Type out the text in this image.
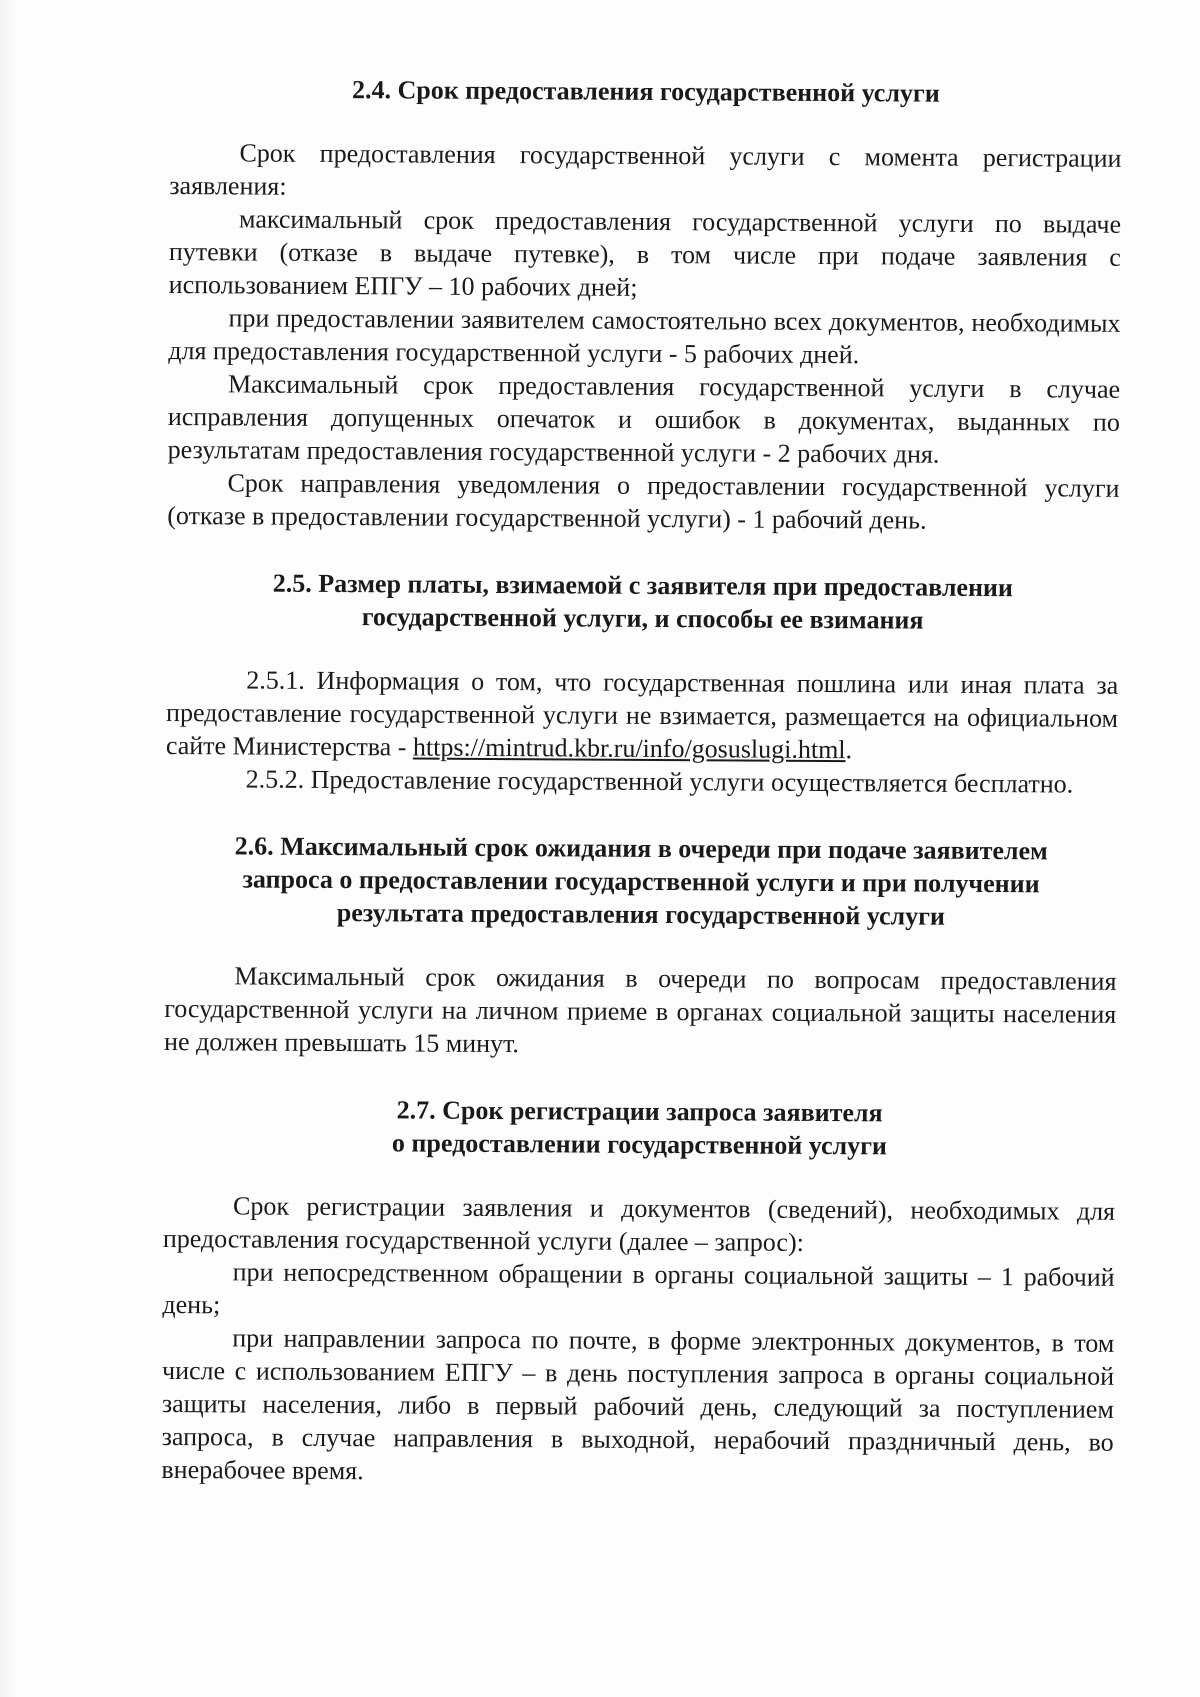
2.4. Срок предоставления государственной услуги

Срок предоставления государственной услуги с момента регистрации заявления:

максимальный срок предоставления государственной услуги по выдаче путевки (отказе в выдаче путевке), в том числе при подаче заявления с использованием ЕПГУ – 10 рабочих дней;

при предоставлении заявителем самостоятельно всех документов, необходимых для предоставления государственной услуги - 5 рабочих дней.

Максимальный срок предоставления государственной услуги в случае исправления допущенных опечаток и ошибок в документах, выданных по результатам предоставления государственной услуги - 2 рабочих дня.

Срок направления уведомления о предоставлении государственной услуги (отказе в предоставлении государственной услуги) - 1 рабочий день.

2.5. Размер платы, взимаемой с заявителя при предоставлении
государственной услуги, и способы ее взимания

2.5.1. Информация о том, что государственная пошлина или иная плата за предоставление государственной услуги не взимается, размещается на официальном сайте Министерства - https://mintrud.kbr.ru/info/gosuslugi.html.

2.5.2. Предоставление государственной услуги осуществляется бесплатно.

2.6. Максимальный срок ожидания в очереди при подаче заявителем
запроса о предоставлении государственной услуги и при получении
результата предоставления государственной услуги

Максимальный срок ожидания в очереди по вопросам предоставления государственной услуги на личном приеме в органах социальной защиты населения не должен превышать 15 минут.

2.7. Срок регистрации запроса заявителя
о предоставлении государственной услуги

Срок регистрации заявления и документов (сведений), необходимых для предоставления государственной услуги (далее – запрос):

при непосредственном обращении в органы социальной защиты – 1 рабочий день;

при направлении запроса по почте, в форме электронных документов, в том числе с использованием ЕПГУ – в день поступления запроса в органы социальной защиты населения, либо в первый рабочий день, следующий за поступлением запроса, в случае направления в выходной, нерабочий праздничный день, во внерабочее время.
